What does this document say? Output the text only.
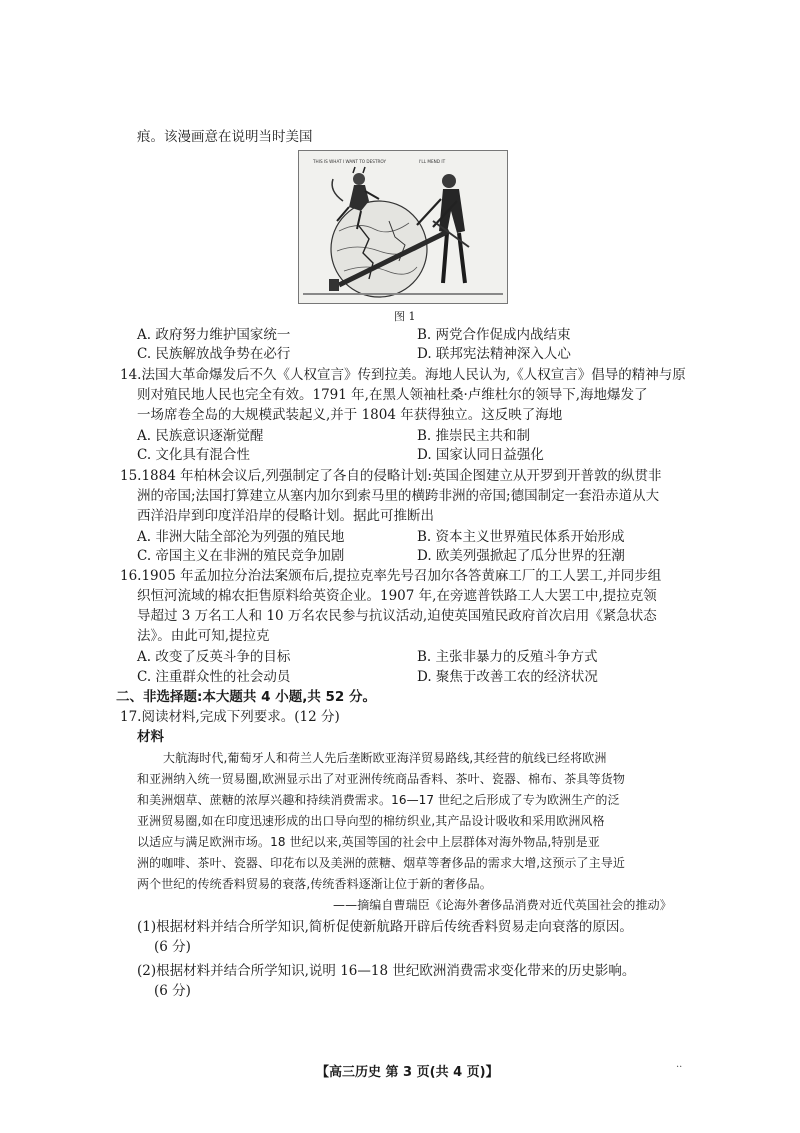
痕。该漫画意在说明当时美国
THIS IS WHAT I WANT TO DESTROY	I'LL MEND IT
图 1
A. 政府努力维护国家统一	B. 两党合作促成内战结束
C. 民族解放战争势在必行	D. 联邦宪法精神深入人心
14.法国大革命爆发后不久《人权宣言》传到拉美。海地人民认为,《人权宣言》倡导的精神与原
则对殖民地人民也完全有效。1791 年,在黑人领袖杜桑·卢维杜尔的领导下,海地爆发了
一场席卷全岛的大规模武装起义,并于 1804 年获得独立。这反映了海地
A. 民族意识逐渐觉醒	B. 推崇民主共和制
C. 文化具有混合性	D. 国家认同日益强化
15.1884 年柏林会议后,列强制定了各自的侵略计划:英国企图建立从开罗到开普敦的纵贯非
洲的帝国;法国打算建立从塞内加尔到索马里的横跨非洲的帝国;德国制定一套沿赤道从大
西洋沿岸到印度洋沿岸的侵略计划。据此可推断出
A. 非洲大陆全部沦为列强的殖民地	B. 资本主义世界殖民体系开始形成
C. 帝国主义在非洲的殖民竞争加剧	D. 欧美列强掀起了瓜分世界的狂潮
16.1905 年孟加拉分治法案颁布后,提拉克率先号召加尔各答黄麻工厂的工人罢工,并同步组
织恒河流域的棉农拒售原料给英资企业。1907 年,在旁遮普铁路工人大罢工中,提拉克领
导超过 3 万名工人和 10 万名农民参与抗议活动,迫使英国殖民政府首次启用《紧急状态
法》。由此可知,提拉克
A. 改变了反英斗争的目标	B. 主张非暴力的反殖斗争方式
C. 注重群众性的社会动员	D. 聚焦于改善工农的经济状况
二、非选择题:本大题共 4 小题,共 52 分。
17.阅读材料,完成下列要求。(12 分)
材料
大航海时代,葡萄牙人和荷兰人先后垄断欧亚海洋贸易路线,其经营的航线已经将欧洲
和亚洲纳入统一贸易圈,欧洲显示出了对亚洲传统商品香料、茶叶、瓷器、棉布、茶具等货物
和美洲烟草、蔗糖的浓厚兴趣和持续消费需求。16—17 世纪之后形成了专为欧洲生产的泛
亚洲贸易圈,如在印度迅速形成的出口导向型的棉纺织业,其产品设计吸收和采用欧洲风格
以适应与满足欧洲市场。18 世纪以来,英国等国的社会中上层群体对海外物品,特别是亚
洲的咖啡、茶叶、瓷器、印花布以及美洲的蔗糖、烟草等奢侈品的需求大增,这预示了主导近
两个世纪的传统香料贸易的衰落,传统香料逐渐让位于新的奢侈品。
——摘编自曹瑞臣《论海外奢侈品消费对近代英国社会的推动》
(1)根据材料并结合所学知识,简析促使新航路开辟后传统香料贸易走向衰落的原因。
(6 分)
(2)根据材料并结合所学知识,说明 16—18 世纪欧洲消费需求变化带来的历史影响。
(6 分)
【高三历史 第 3 页(共 4 页)】	··
